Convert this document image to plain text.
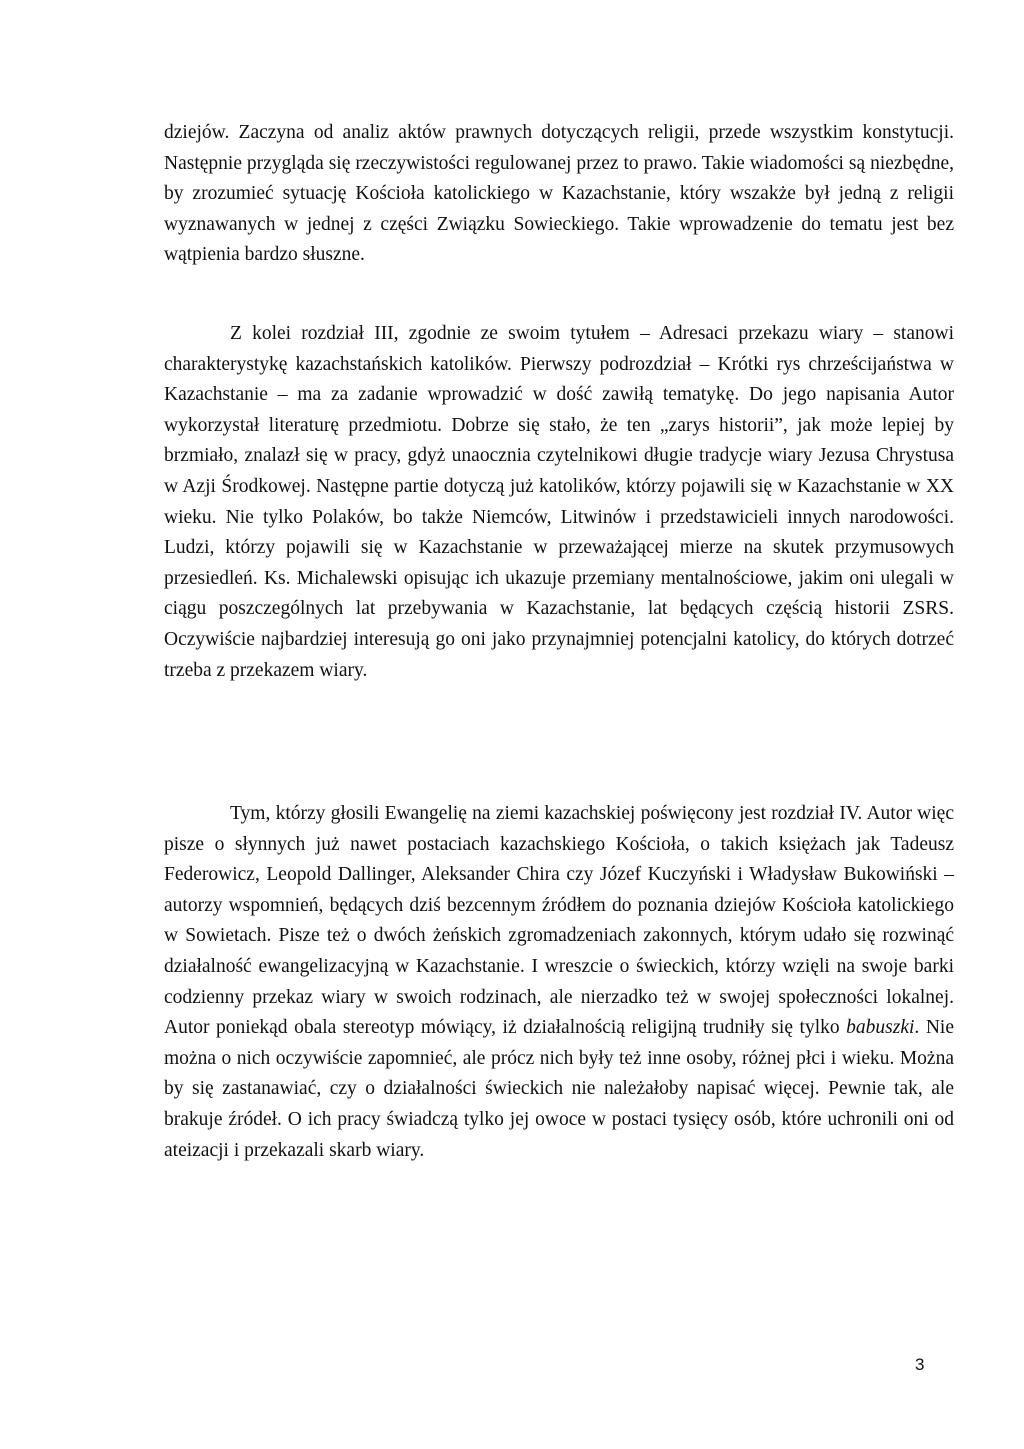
dziejów. Zaczyna od analiz aktów prawnych dotyczących religii, przede wszystkim konstytucji. Następnie przygląda się rzeczywistości regulowanej przez to prawo. Takie wiadomości są niezbędne, by zrozumieć sytuację Kościoła katolickiego w Kazachstanie, który wszakże był jedną z religii wyznawanych w jednej z części Związku Sowieckiego. Takie wprowadzenie do tematu jest bez wątpienia bardzo słuszne.

Z kolei rozdział III, zgodnie ze swoim tytułem – Adresaci przekazu wiary – stanowi charakterystykę kazachstańskich katolików. Pierwszy podrozdział – Krótki rys chrześcijaństwa w Kazachstanie – ma za zadanie wprowadzić w dość zawiłą tematykę. Do jego napisania Autor wykorzystał literaturę przedmiotu. Dobrze się stało, że ten „zarys historii”, jak może lepiej by brzmiało, znalazł się w pracy, gdyż unaocznia czytelnikowi długie tradycje wiary Jezusa Chrystusa w Azji Środkowej. Następne partie dotyczą już katolików, którzy pojawili się w Kazachstanie w XX wieku. Nie tylko Polaków, bo także Niemców, Litwinów i przedstawicieli innych narodowości. Ludzi, którzy pojawili się w Kazachstanie w przeważającej mierze na skutek przymusowych przesiedleń. Ks. Michalewski opisując ich ukazuje przemiany mentalnościowe, jakim oni ulegali w ciągu poszczególnych lat przebywania w Kazachstanie, lat będących częścią historii ZSRS. Oczywiście najbardziej interesują go oni jako przynajmniej potencjalni katolicy, do których dotrzeć trzeba z przekazem wiary.

Tym, którzy głosili Ewangelię na ziemi kazachskiej poświęcony jest rozdział IV. Autor więc pisze o słynnych już nawet postaciach kazachskiego Kościoła, o takich księżach jak Tadeusz Federowicz, Leopold Dallinger, Aleksander Chira czy Józef Kuczyński i Władysław Bukowiński – autorzy wspomnień, będących dziś bezcennym źródłem do poznania dziejów Kościoła katolickiego w Sowietach. Pisze też o dwóch żeńskich zgromadzeniach zakonnych, którym udało się rozwinąć działalność ewangelizacyjną w Kazachstanie. I wreszcie o świeckich, którzy wzięli na swoje barki codzienny przekaz wiary w swoich rodzinach, ale nierzadko też w swojej społeczności lokalnej. Autor poniekąd obala stereotyp mówiący, iż działalnością religijną trudniły się tylko babuszki. Nie można o nich oczywiście zapomnieć, ale prócz nich były też inne osoby, różnej płci i wieku. Można by się zastanawiać, czy o działalności świeckich nie należałoby napisać więcej. Pewnie tak, ale brakuje źródeł. O ich pracy świadczą tylko jej owoce w postaci tysięcy osób, które uchronili oni od ateizacji i przekazali skarb wiary.

3
